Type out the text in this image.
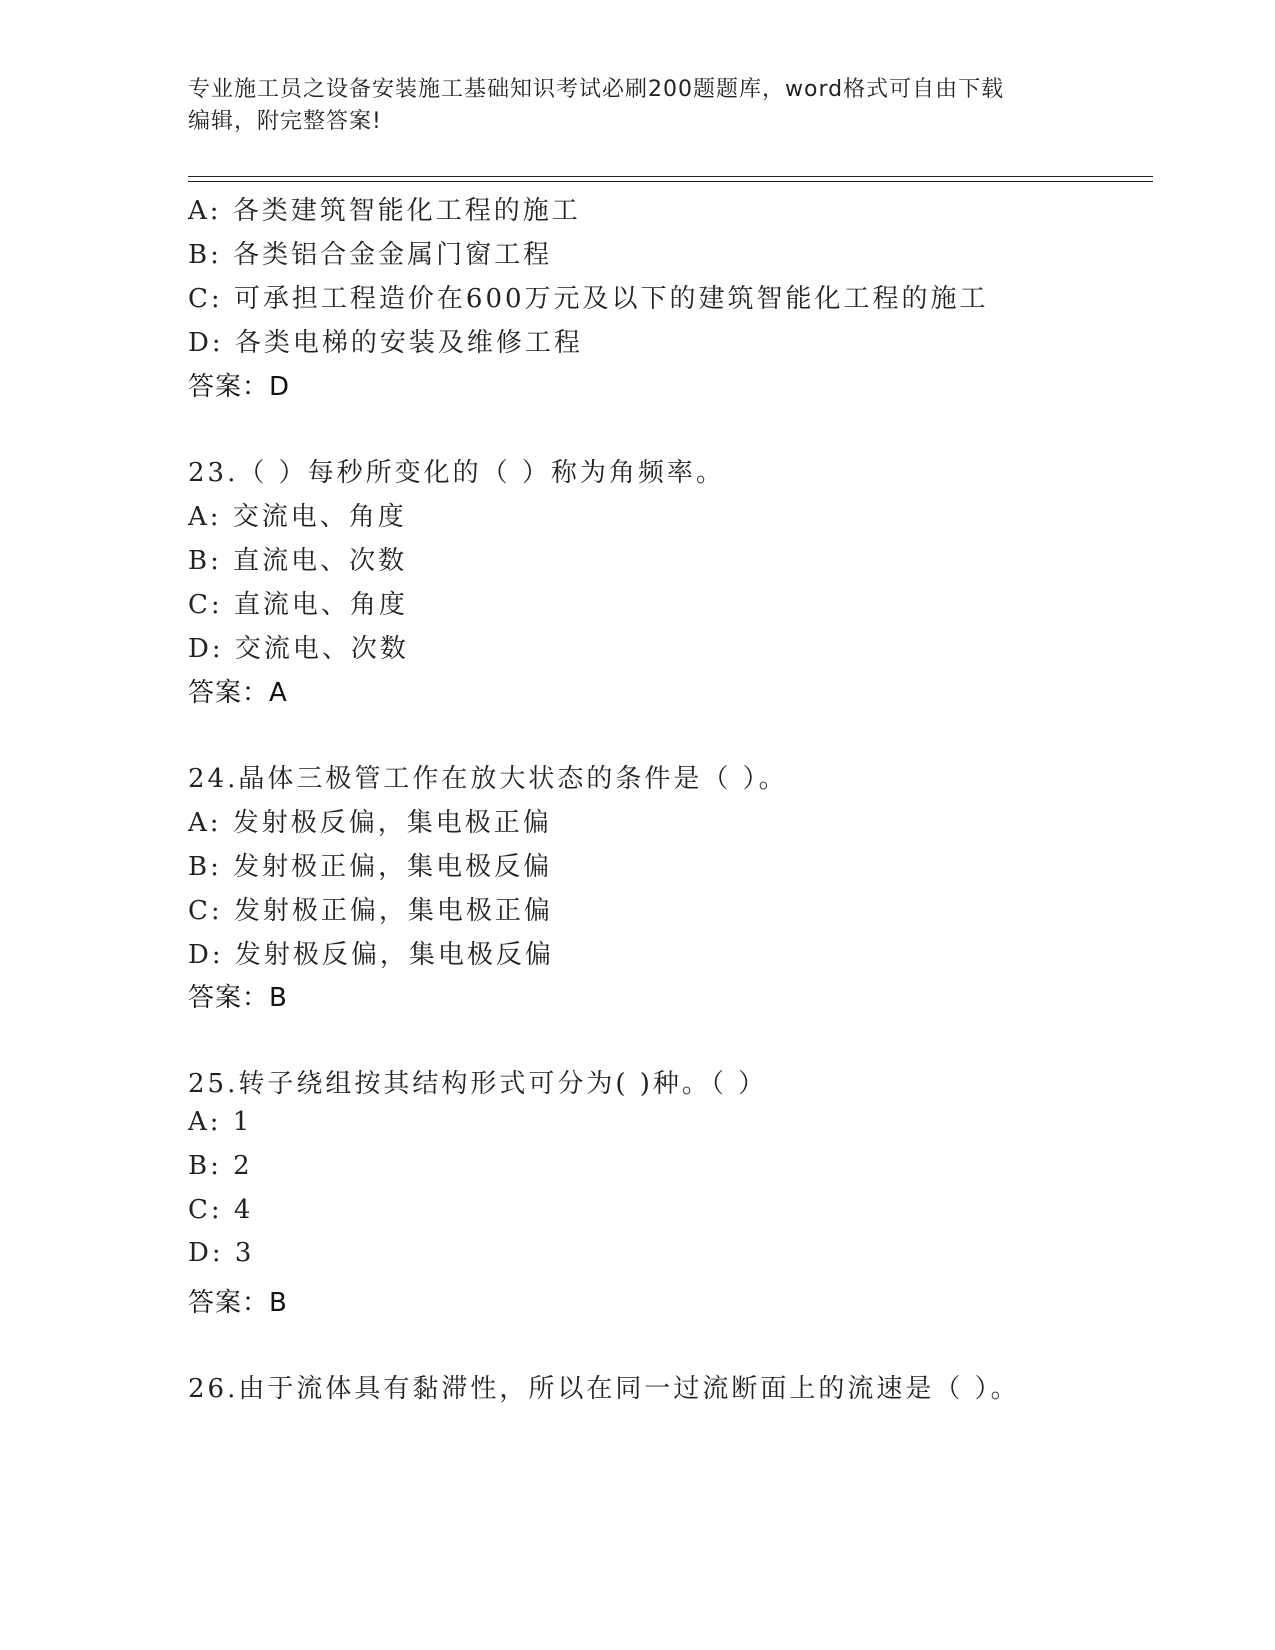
专业施工员之设备安装施工基础知识考试必刷200题题库，word格式可自由下载
编辑，附完整答案!
A: 各类建筑智能化工程的施工
B: 各类铝合金金属门窗工程
C: 可承担工程造价在600万元及以下的建筑智能化工程的施工
D: 各类电梯的安装及维修工程
答案：D
23.（ ）每秒所变化的（ ）称为角频率。
A: 交流电、角度
B: 直流电、次数
C: 直流电、角度
D: 交流电、次数
答案：A
24.晶体三极管工作在放大状态的条件是（ ）。
A: 发射极反偏，集电极正偏
B: 发射极正偏，集电极反偏
C: 发射极正偏，集电极正偏
D: 发射极反偏，集电极反偏
答案：B
25.转子绕组按其结构形式可分为( )种。（ ）
A: 1
B: 2
C: 4
D: 3
答案：B
26.由于流体具有黏滞性，所以在同一过流断面上的流速是（ ）。
